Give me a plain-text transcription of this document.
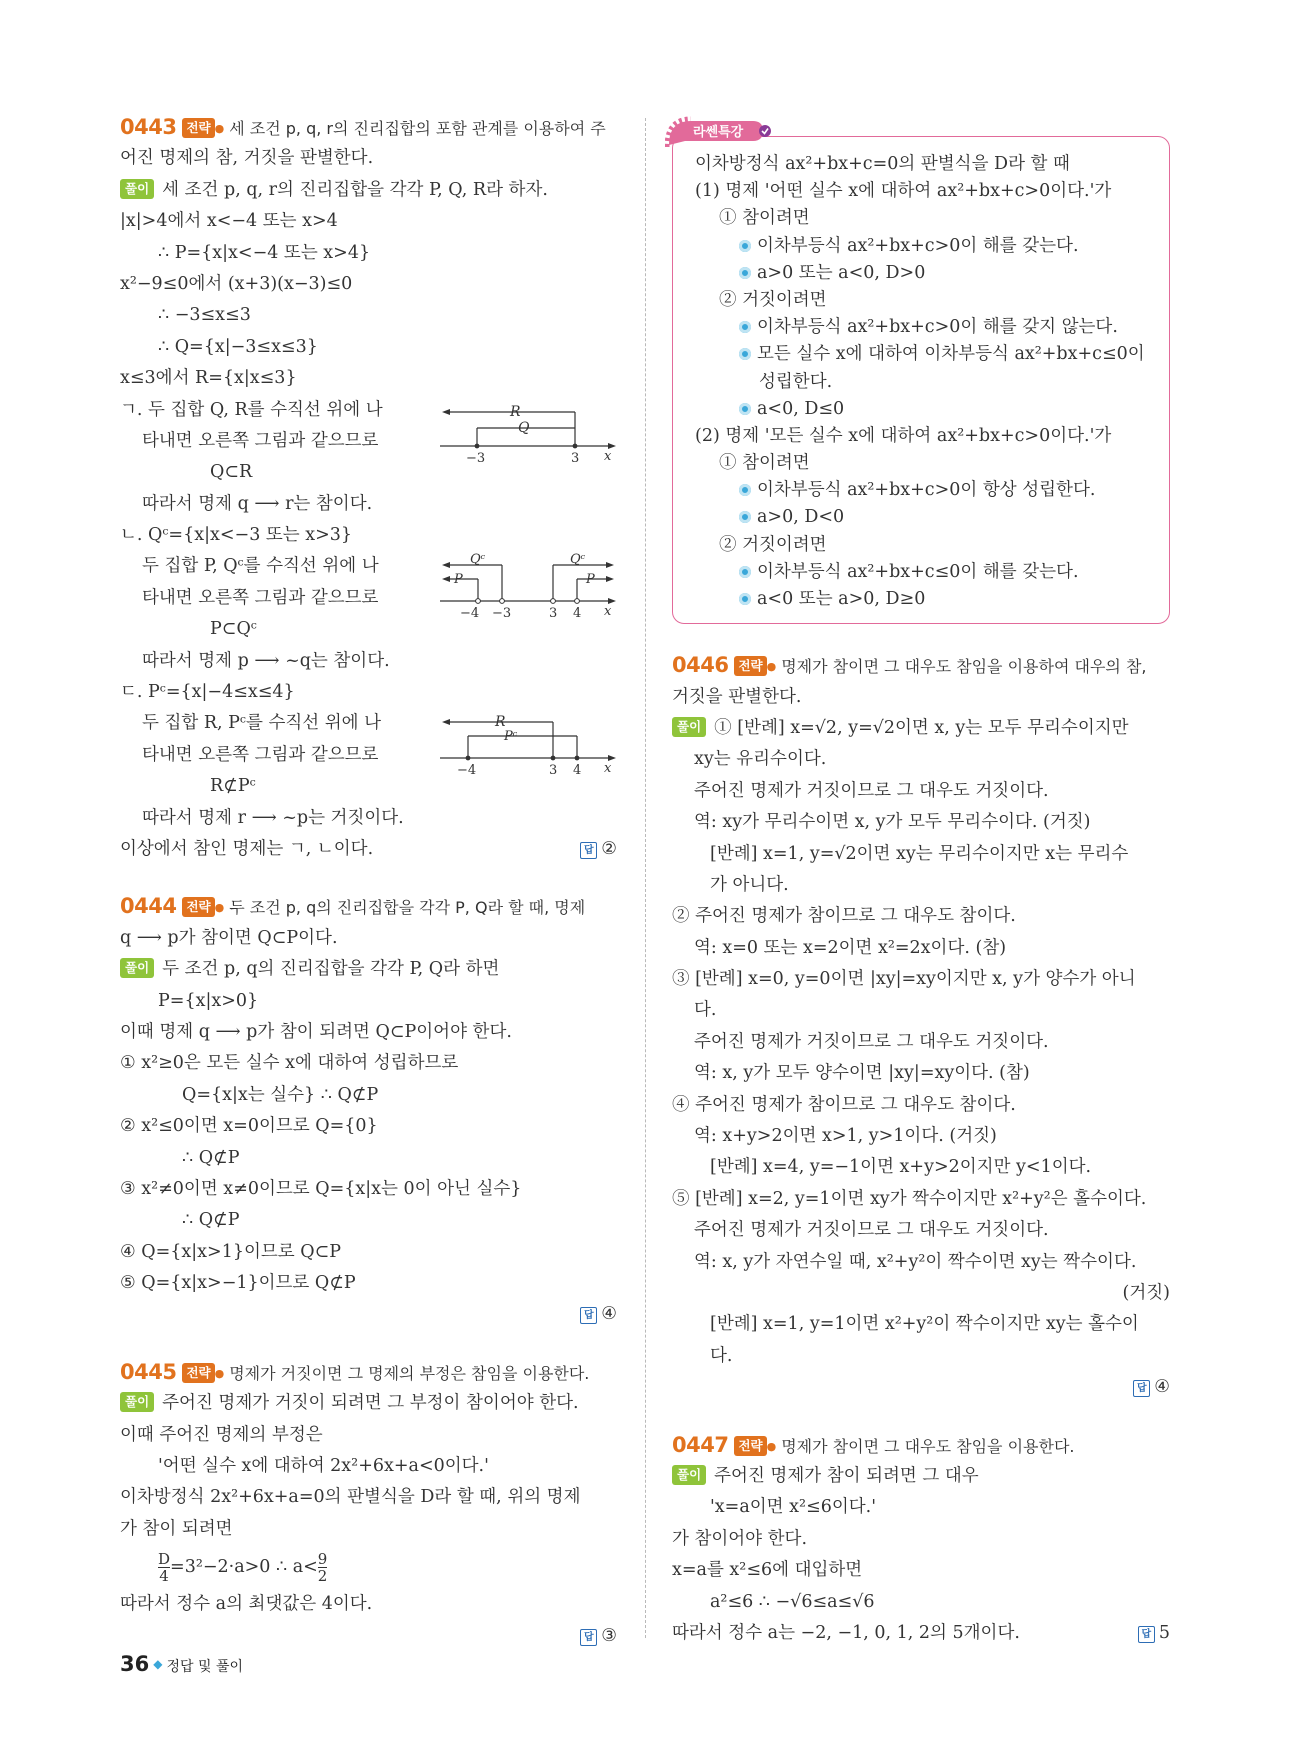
0443 전략 ● 세 조건 p, q, r의 진리집합의 포함 관계를 이용하여 주
어진 명제의 참, 거짓을 판별한다.
풀이 세 조건 p, q, r의 진리집합을 각각 P, Q, R라 하자.
|x|>4에서 x<−4 또는 x>4
∴ P={x|x<−4 또는 x>4}
x²−9≤0에서 (x+3)(x−3)≤0
∴ −3≤x≤3
∴ Q={x|−3≤x≤3}
x≤3에서 R={x|x≤3}
ㄱ. 두 집합 Q, R를 수직선 위에 나
타내면 오른쪽 그림과 같으므로
Q⊂R
따라서 명제 q ⟶ r는 참이다.
ㄴ. Qᶜ={x|x<−3 또는 x>3}
두 집합 P, Qᶜ를 수직선 위에 나
타내면 오른쪽 그림과 같으므로
P⊂Qᶜ
따라서 명제 p ⟶ ~q는 참이다.
ㄷ. Pᶜ={x|−4≤x≤4}
두 집합 R, Pᶜ를 수직선 위에 나
타내면 오른쪽 그림과 같으므로
R⊄Pᶜ
따라서 명제 r ⟶ ~p는 거짓이다.
이상에서 참인 명제는 ㄱ, ㄴ이다.	답 ②
0444 전략 ● 두 조건 p, q의 진리집합을 각각 P, Q라 할 때, 명제
q ⟶ p가 참이면 Q⊂P이다.
풀이 두 조건 p, q의 진리집합을 각각 P, Q라 하면
P={x|x>0}
이때 명제 q ⟶ p가 참이 되려면 Q⊂P이어야 한다.
① x²≥0은 모든 실수 x에 대하여 성립하므로
Q={x|x는 실수} ∴ Q⊄P
② x²≤0이면 x=0이므로 Q={0}
∴ Q⊄P
③ x²≠0이면 x≠0이므로 Q={x|x는 0이 아닌 실수}
∴ Q⊄P
④ Q={x|x>1}이므로 Q⊂P
⑤ Q={x|x>−1}이므로 Q⊄P
답 ④
0445 전략 ● 명제가 거짓이면 그 명제의 부정은 참임을 이용한다.
풀이 주어진 명제가 거짓이 되려면 그 부정이 참이어야 한다.
이때 주어진 명제의 부정은
'어떤 실수 x에 대하여 2x²+6x+a<0이다.'
이차방정식 2x²+6x+a=0의 판별식을 D라 할 때, 위의 명제
가 참이 되려면
$\frac{D}{4} =3^2-2\cdot a>0$ ∴ $a< \frac{9}{2}$
따라서 정수 a의 최댓값은 4이다.
답 ③
라쎈특강
이차방정식 ax²+bx+c=0의 판별식을 D라 할 때
(1) 명제 '어떤 실수 x에 대하여 ax²+bx+c>0이다.'가
① 참이려면
이차부등식 ax²+bx+c>0이 해를 갖는다.
a>0 또는 a<0, D>0
② 거짓이려면
이차부등식 ax²+bx+c>0이 해를 갖지 않는다.
모든 실수 x에 대하여 이차부등식 ax²+bx+c≤0이
성립한다.
a<0, D≤0
(2) 명제 '모든 실수 x에 대하여 ax²+bx+c>0이다.'가
① 참이려면
이차부등식 ax²+bx+c>0이 항상 성립한다.
a>0, D<0
② 거짓이려면
이차부등식 ax²+bx+c≤0이 해를 갖는다.
a<0 또는 a>0, D≥0
0446 전략 ● 명제가 참이면 그 대우도 참임을 이용하여 대우의 참,
거짓을 판별한다.
풀이 ① [반례] x=√2, y=√2이면 x, y는 모두 무리수이지만
xy는 유리수이다.
주어진 명제가 거짓이므로 그 대우도 거짓이다.
역: xy가 무리수이면 x, y가 모두 무리수이다. (거짓)
[반례] x=1, y=√2이면 xy는 무리수이지만 x는 무리수
가 아니다.
② 주어진 명제가 참이므로 그 대우도 참이다.
역: x=0 또는 x=2이면 x²=2x이다. (참)
③ [반례] x=0, y=0이면 |xy|=xy이지만 x, y가 양수가 아니
다.
주어진 명제가 거짓이므로 그 대우도 거짓이다.
역: x, y가 모두 양수이면 |xy|=xy이다. (참)
④ 주어진 명제가 참이므로 그 대우도 참이다.
역: x+y>2이면 x>1, y>1이다. (거짓)
[반례] x=4, y=−1이면 x+y>2이지만 y<1이다.
⑤ [반례] x=2, y=1이면 xy가 짝수이지만 x²+y²은 홀수이다.
주어진 명제가 거짓이므로 그 대우도 거짓이다.
역: x, y가 자연수일 때, x²+y²이 짝수이면 xy는 짝수이다.
(거짓)
[반례] x=1, y=1이면 x²+y²이 짝수이지만 xy는 홀수이
다.
답 ④
0447 전략 ● 명제가 참이면 그 대우도 참임을 이용한다.
풀이 주어진 명제가 참이 되려면 그 대우
'x=a이면 x²≤6이다.'
가 참이어야 한다.
x=a를 x²≤6에 대입하면
a²≤6 ∴ −√6≤a≤√6
따라서 정수 a는 −2, −1, 0, 1, 2의 5개이다.	답 5
R
Q
−3	3 x
Qᶜ
P
Qᶜ
P
−4 −3	3 4 x
R
Pᶜ
−4	3 4 x
36 ◆ 정답 및 풀이
